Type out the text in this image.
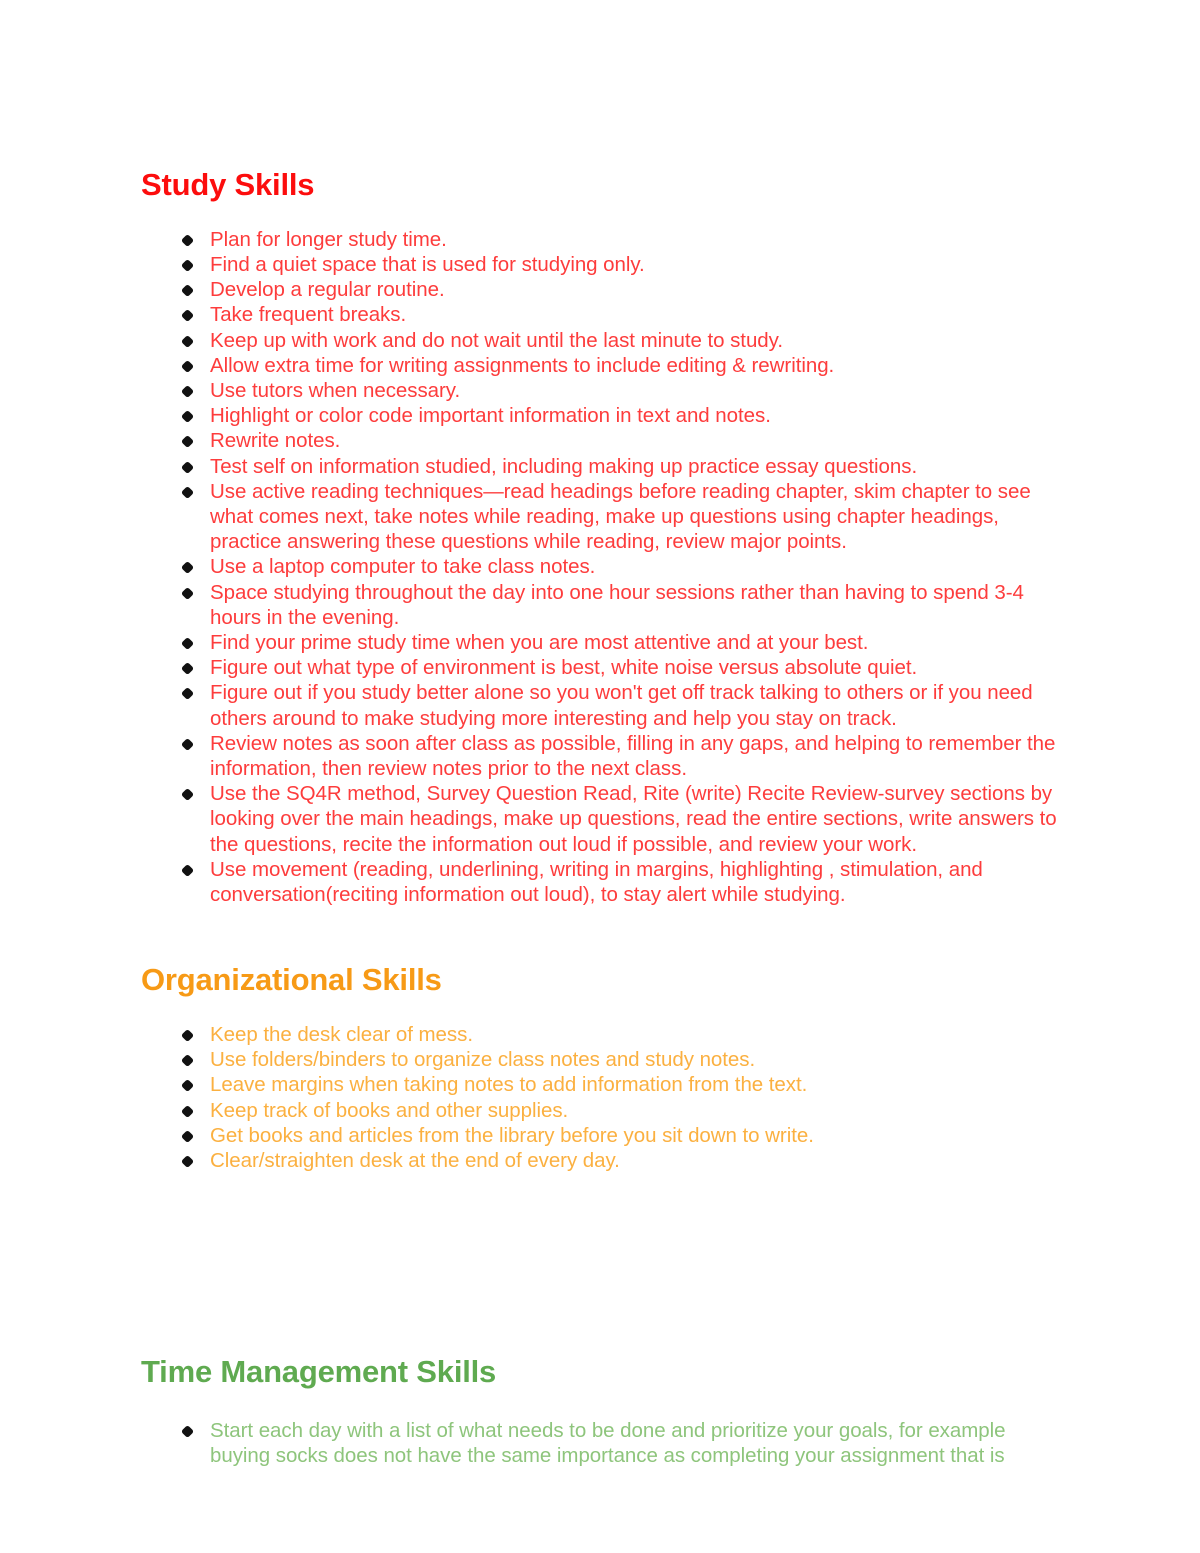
Study Skills
Plan for longer study time.
Find a quiet space that is used for studying only.
Develop a regular routine.
Take frequent breaks.
Keep up with work and do not wait until the last minute to study.
Allow extra time for writing assignments to include editing & rewriting.
Use tutors when necessary.
Highlight or color code important information in text and notes.
Rewrite notes.
Test self on information studied, including making up practice essay questions.
Use active reading techniques—read headings before reading chapter, skim chapter to see what comes next, take notes while reading, make up questions using chapter headings, practice answering these questions while reading, review major points.
Use a laptop computer to take class notes.
Space studying throughout the day into one hour sessions rather than having to spend 3-4 hours in the evening.
Find your prime study time when you are most attentive and at your best.
Figure out what type of environment is best, white noise versus absolute quiet.
Figure out if you study better alone so you won't get off track talking to others or if you need others around to make studying more interesting and help you stay on track.
Review notes as soon after class as possible, filling in any gaps, and helping to remember the information, then review notes prior to the next class.
Use the SQ4R method, Survey Question Read, Rite (write) Recite Review-survey sections by looking over the main headings, make up questions, read the entire sections, write answers to the questions, recite the information out loud if possible, and review your work.
Use movement (reading, underlining, writing in margins, highlighting , stimulation, and conversation(reciting information out loud), to stay alert while studying.
Organizational Skills
Keep the desk clear of mess.
Use folders/binders to organize class notes and study notes.
Leave margins when taking notes to add information from the text.
Keep track of books and other supplies.
Get books and articles from the library before you sit down to write.
Clear/straighten desk at the end of every day.
Time Management Skills
Start each day with a list of what needs to be done and prioritize your goals, for example buying socks does not have the same importance as completing your assignment that is
